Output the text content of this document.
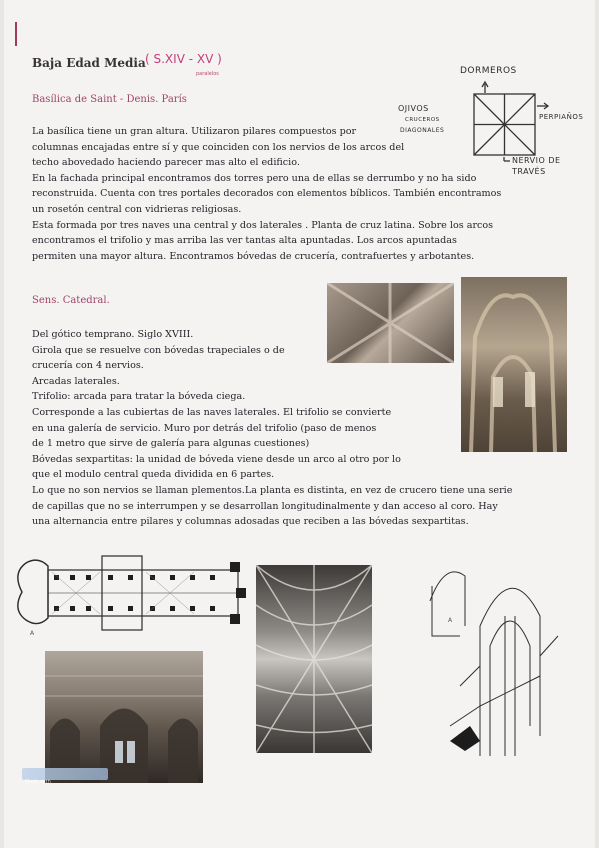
Baja Edad Media ( S.XIV - XV )
paralelos
Basílica de Saint - Denis. París
DORMEROS
OJIVOS
CRUCEROS
DIAGONALES
PERPIAÑOS
NERVIO DE TRAVÉS

La basílica tiene un gran altura. Utilizaron pilares compuestos por

columnas encajadas entre sí y que coinciden con los nervios de los arcos del

techo abovedado haciendo parecer mas alto el edificio.

En la fachada principal encontramos dos torres pero una de ellas se derrumbo y no ha sido

reconstruida. Cuenta con tres portales decorados con elementos bíblicos. También encontramos

un rosetón central con vidrieras religiosas.

Esta formada por tres naves una central y dos laterales . Planta de cruz latina. Sobre los arcos

encontramos el trifolio y mas arriba las ver tantas alta apuntadas. Los arcos apuntadas

permiten una mayor altura. Encontramos bóvedas de crucería, contrafuertes y arbotantes.

Sens. Catedral.

Del gótico temprano. Siglo XVIII.

Girola que se resuelve con bóvedas trapeciales o de

crucería con 4 nervios.

Arcadas laterales.

Trifolio: arcada para tratar la bóveda ciega.

Corresponde a las cubiertas de las naves laterales. El trifolio se convierte

en una galería de servicio. Muro por detrás del trifolio (paso de menos

de 1 metro que sirve de galería para algunas cuestiones)

Bóvedas sexpartitas: la unidad de bóveda viene desde un arco al otro por lo

que el modulo central queda dividida en 6 partes.

Lo que no son nervios se llaman plementos.La planta es distinta, en vez de crucero tiene una serie

de capillas que no se interrumpen y se desarrollan longitudinalmente y dan acceso al coro. Hay

una alternancia entre pilares y columnas adosadas que reciben a las bóvedas sexpartitas.

A
A
Made with
